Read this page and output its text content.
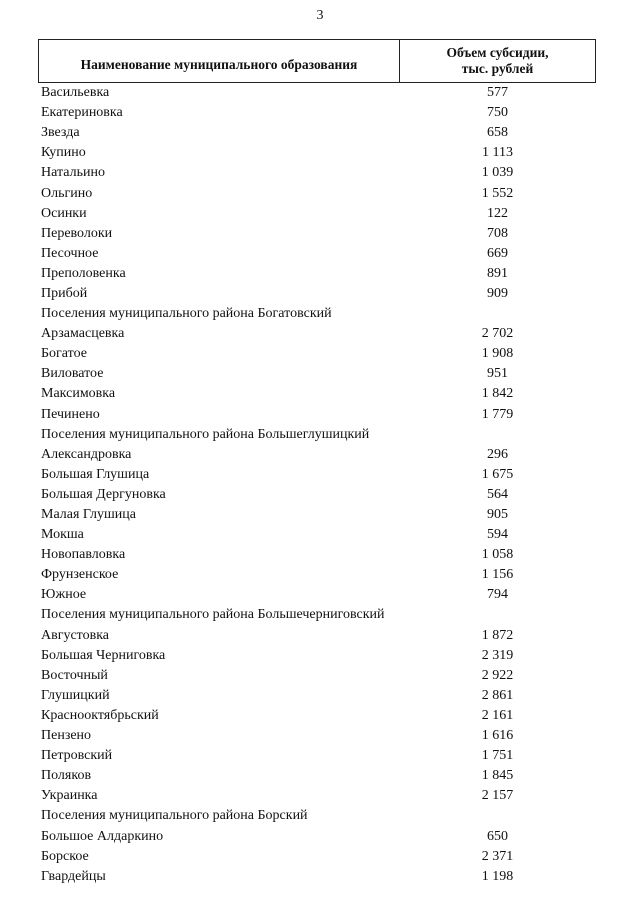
3
Наименование муниципального образования
Объем субсидии,
тыс. рублей
Васильевка	577
Екатериновка	750
Звезда	658
Купино	1 113
Натальино	1 039
Ольгино	1 552
Осинки	122
Переволоки	708
Песочное	669
Преполовенка	891
Прибой	909
Поселения муниципального района Богатовский
Арзамасцевка	2 702
Богатое	1 908
Виловатое	951
Максимовка	1 842
Печинено	1 779
Поселения муниципального района Большеглушицкий
Александровка	296
Большая Глушица	1 675
Большая Дергуновка	564
Малая Глушица	905
Мокша	594
Новопавловка	1 058
Фрунзенское	1 156
Южное	794
Поселения муниципального района Большечерниговский
Августовка	1 872
Большая Черниговка	2 319
Восточный	2 922
Глушицкий	2 861
Краснооктябрьский	2 161
Пензено	1 616
Петровский	1 751
Поляков	1 845
Украинка	2 157
Поселения муниципального района Борский
Большое Алдаркино	650
Борское	2 371
Гвардейцы	1 198
